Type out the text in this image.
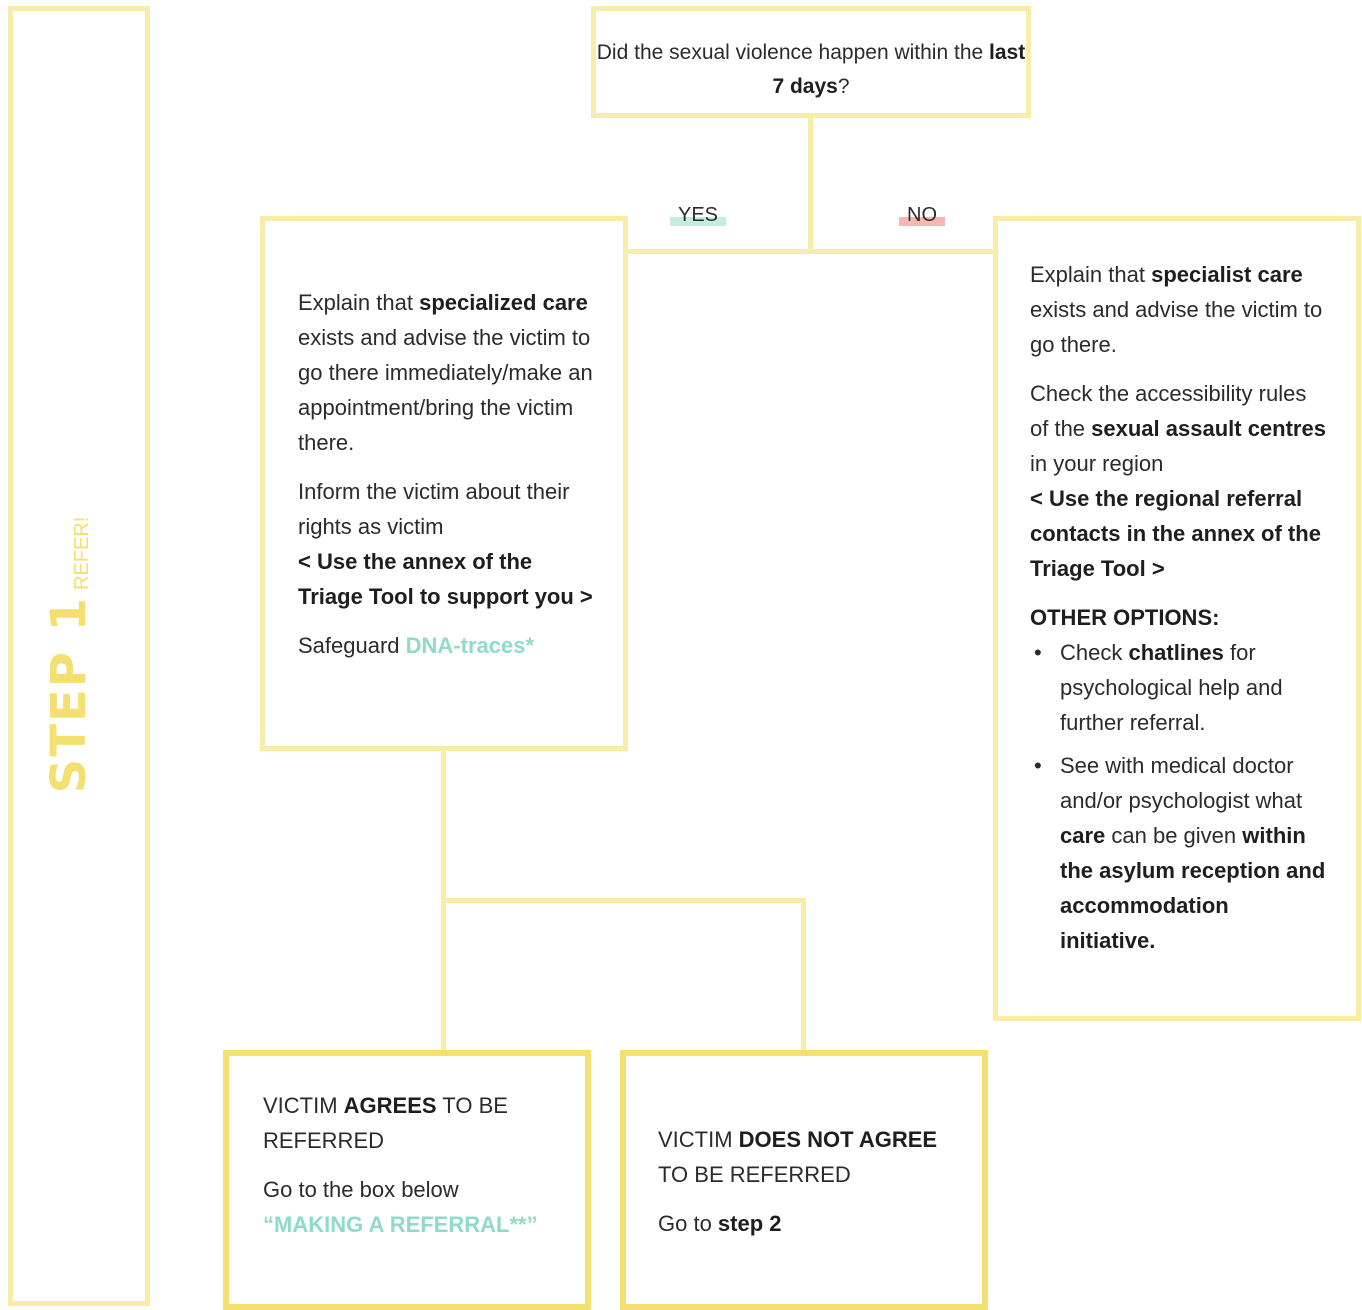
STEP 1
REFER!
Did the sexual violence happen within the last 7 days?
YES	NO

Explain that specialized care exists and advise the victim to go there immediately/make an appointment/bring the victim there.

Inform the victim about their rights as victim
< Use the annex of the Triage Tool to support you >

Safeguard DNA-traces*

Explain that specialist care exists and advise the victim to go there.

Check the accessibility rules of the sexual assault centres in your region
< Use the regional referral contacts in the annex of the Triage Tool >

OTHER OPTIONS:
• Check chatlines for psychological help and further referral.
• See with medical doctor and/or psychologist what care can be given within the asylum reception and accommodation initiative.

VICTIM AGREES TO BE REFERRED

Go to the box below “MAKING A REFERRAL**”

VICTIM DOES NOT AGREE TO BE REFERRED

Go to step 2
